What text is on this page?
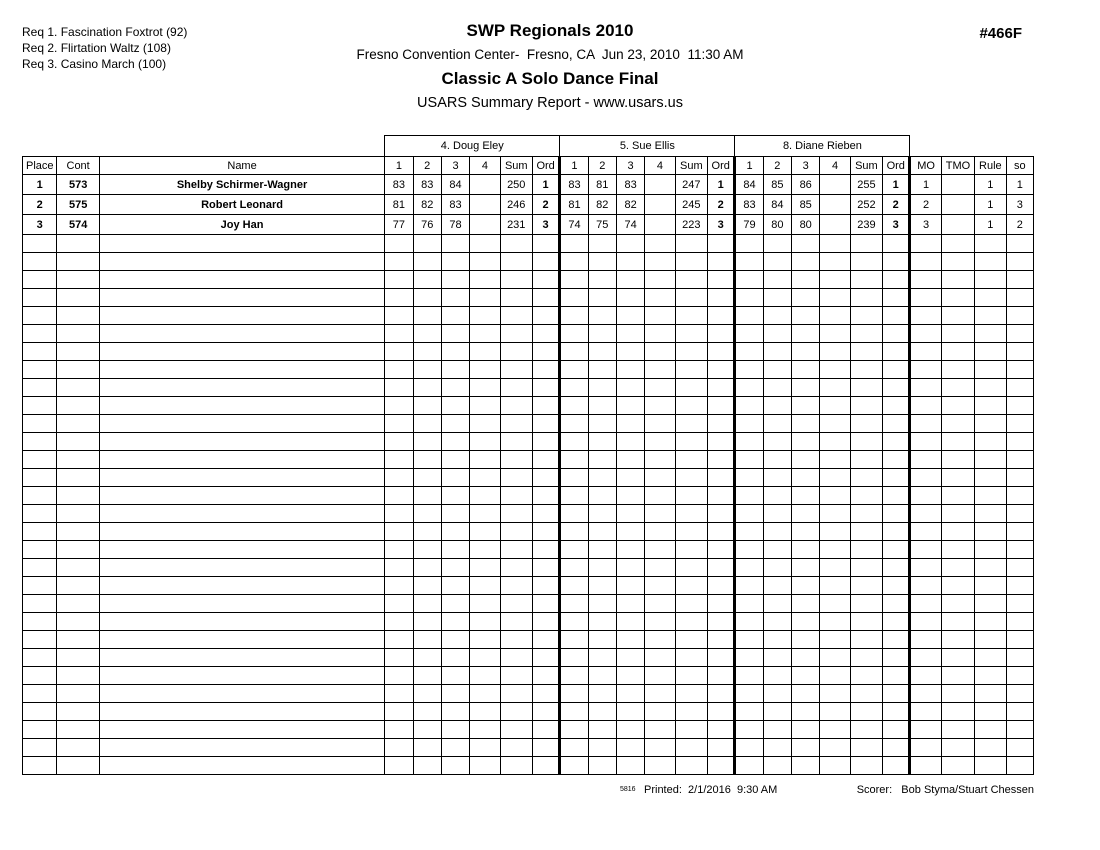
Req 1. Fascination Foxtrot (92)
Req 2. Flirtation Waltz (108)
Req 3. Casino March (100)
SWP Regionals 2010
Fresno Convention Center-  Fresno, CA  Jun 23, 2010  11:30 AM
Classic A Solo Dance Final
USARS Summary Report - www.usars.us
#466F
			4. Doug Eley						5. Sue Ellis						8. Diane Rieben									
Place	Cont	Name	1	2	3	4	Sum	Ord	1	2	3	4	Sum	Ord	1	2	3	4	Sum	Ord	MO	TMO	Rule	so
1	573	Shelby Schirmer-Wagner	83	83	84		250	1	83	81	83		247	1	84	85	86		255	1	1		1	1
2	575	Robert Leonard	81	82	83		246	2	81	82	82		245	2	83	84	85		252	2	2		1	3
3	574	Joy Han	77	76	78		231	3	74	75	74		223	3	79	80	80		239	3	3		1	2

5816 Printed:  2/1/2016  9:30 AM	Scorer:   Bob Styma/Stuart Chessen
